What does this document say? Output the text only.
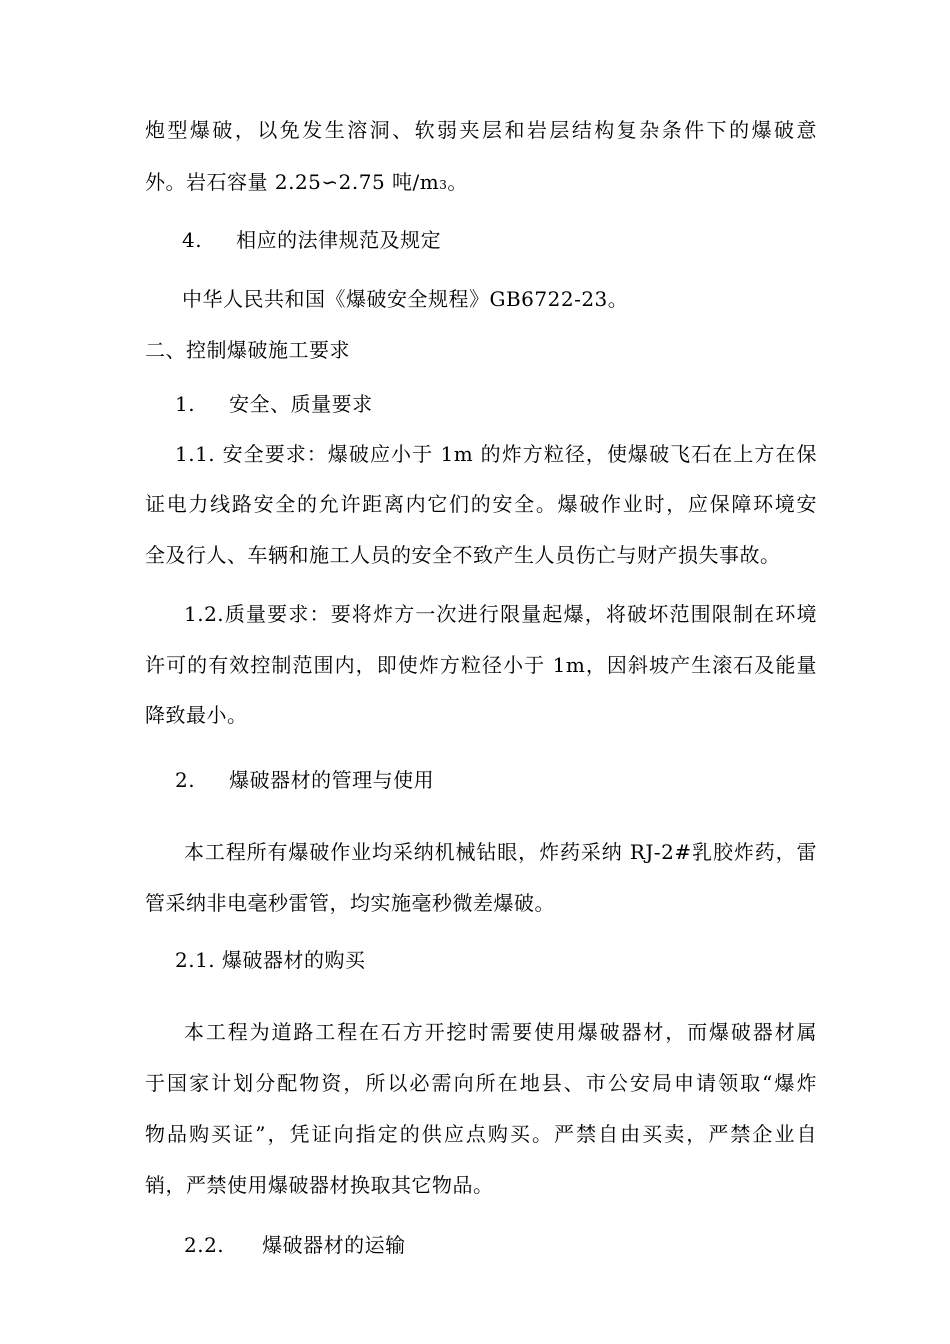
炮型爆破，以免发生溶洞、软弱夹层和岩层结构复杂条件下的爆破意
外。岩石容量 2.25∽2.75 吨/m3。
4. 相应的法律规范及规定
中华人民共和国《爆破安全规程》GB6722-23。
二、控制爆破施工要求
1. 安全、质量要求
1.1. 安全要求：爆破应小于 1m 的炸方粒径，使爆破飞石在上方在保
证电力线路安全的允许距离内它们的安全。爆破作业时，应保障环境安
全及行人、车辆和施工人员的安全不致产生人员伤亡与财产损失事故。
1.2.质量要求：要将炸方一次进行限量起爆，将破坏范围限制在环境
许可的有效控制范围内，即使炸方粒径小于 1m，因斜坡产生滚石及能量
降致最小。
2. 爆破器材的管理与使用
本工程所有爆破作业均采纳机械钻眼，炸药采纳 RJ-2#乳胶炸药，雷
管采纳非电毫秒雷管，均实施毫秒微差爆破。
2.1. 爆破器材的购买
本工程为道路工程在石方开挖时需要使用爆破器材，而爆破器材属
于国家计划分配物资，所以必需向所在地县、市公安局申请领取“爆炸
物品购买证”，凭证向指定的供应点购买。严禁自由买卖，严禁企业自
销，严禁使用爆破器材换取其它物品。
2.2. 爆破器材的运输
